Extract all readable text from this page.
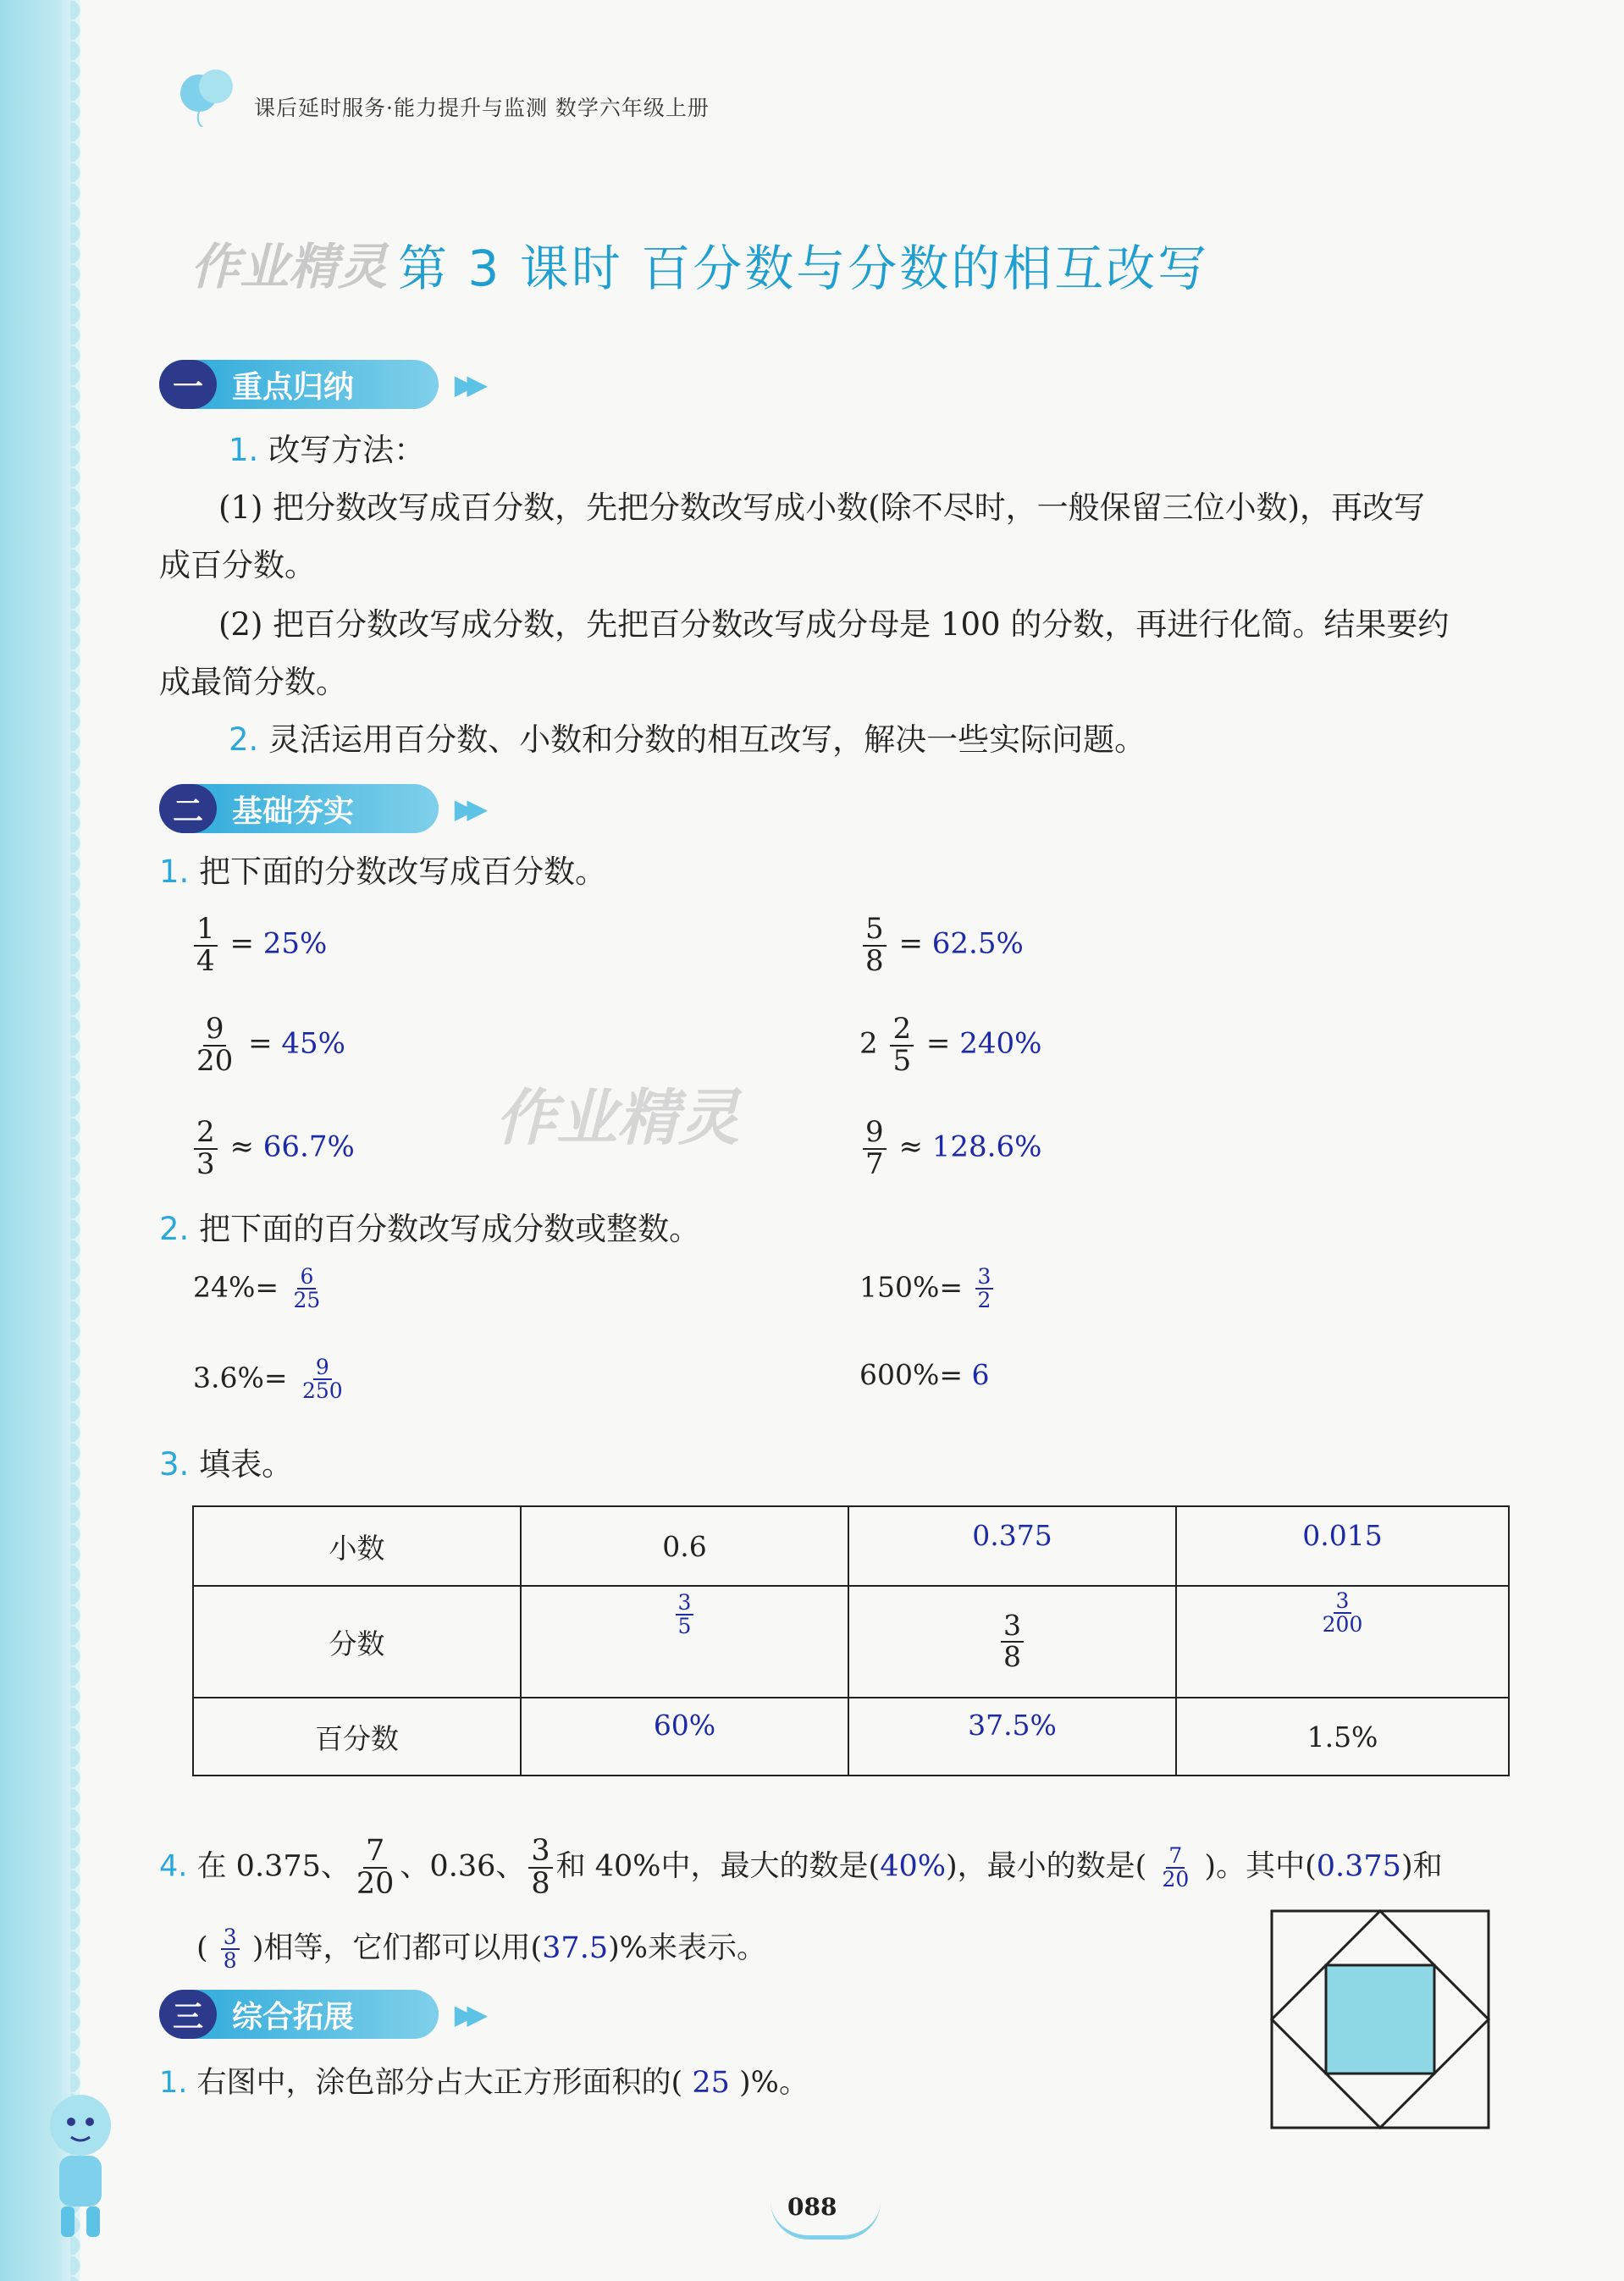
课后延时服务·能力提升与监测 数学六年级上册
作业精灵 第 3 课时 百分数与分数的相互改写
一 重点归纳	▶▶
1. 改写方法：
(1) 把分数改写成百分数，先把分数改写成小数(除不尽时，一般保留三位小数)，再改写
成百分数。
(2) 把百分数改写成分数，先把百分数改写成分母是 100 的分数，再进行化简。结果要约
成最简分数。
2. 灵活运用百分数、小数和分数的相互改写，解决一些实际问题。
二 基础夯实	▶▶
1. 把下面的分数改写成百分数。
$\frac{1}{4} = 25\%$	$\frac{5}{8} = 62.5\%$
$\frac{9}{20} = 45\%$	$2 \frac{2}{5} = 240\%$
$\frac{2}{3} \approx 66.7\%$	$\frac{9}{7} \approx 128.6\%$
作业精灵
2. 把下面的百分数改写成分数或整数。
$24\%= \frac{6}{25}$	$150\%= \frac{3}{2}$
$3.6\%= \frac{9}{250}$	600%= 6
3. 填表。
小数	0.6	0.375	0.015
分数	$\frac{3}{5}$	$\frac{3}{8}$	$\frac{3}{200}$

百分数	60%	37.5%	1.5%
4. 在 0.375、 $\frac{7}{20}$ 、0.36、 $\frac{3}{8}$ 和 40%中，最大的数是(40%)，最小的数是( $\frac{7}{20}$ )。其中(0.375)和
( $\frac{3}{8}$ )相等，它们都可以用(37.5)%来表示。
三 综合拓展	▶▶
1. 右图中，涂色部分占大正方形面积的( 25 )%。
088
